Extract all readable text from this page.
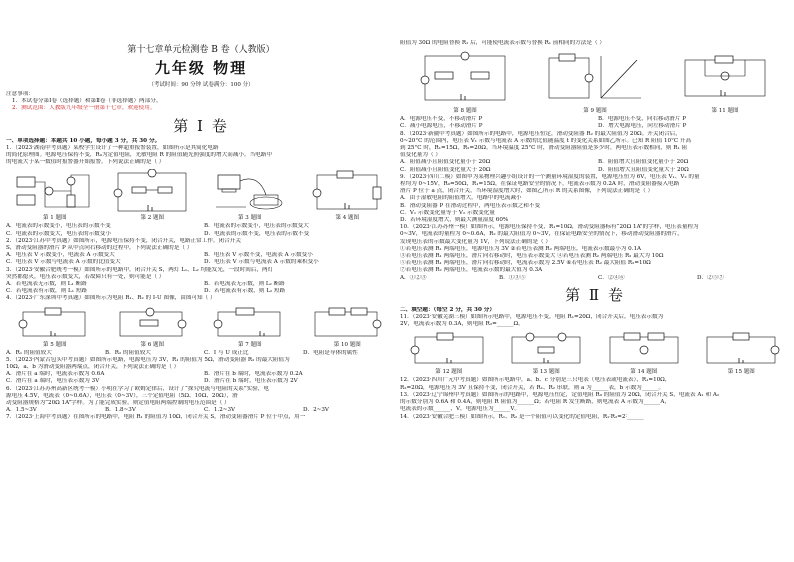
第十七章单元检测卷 B 卷（人教版）
九年级 物理
（考试时间：90 分钟 试卷满分：100 分）
注意事项：
1．本试卷分第Ⅰ卷（选择题）和第Ⅱ卷（非选择题）两部分。
2．测试范围：人教版九年级全一册第十七章。欢迎使用。
第 Ⅰ 卷
一、单项选择题：本题共 10 小题，每小题 3 分，共 30 分。
1．（2023·湖南中考真题）某校学生设计了一种超重报警装置，如图所示是其简化电路
的简化原理图。电源电压保持不变，R₀为定值电阻，光敏电阻 R 的阻值随光照强度的增大而减小。当电路中
的电流大于某一数值时报警器开始报警。下列说法正确的是（ ）
第 1 题图	第 2 题图	第 3 题图	第 4 题图
A．电流表的示数变小，电压表的示数不变	B．电流表的示数变小，电压表的示数变大
C．电流表的示数变大，电压表的示数变小	D．电流表的示数不变，电压表的示数不变
2．（2023·江苏中考真题）如图所示，电源电压保持不变，闭合开关，电路正常工作。闭合开关
S，滑动变阻器的滑片 P 从中点向右移动的过程中，下列说法正确的是（ ）
A．电压表 V 示数变小，电流表 A 示数变大	B．电压表 V 示数不变，电流表 A 示数变小
C．电压表 V 示数与电流表 A 示数的比值变大	D．电压表 V 示数与电流表 A 示数的乘积变小
3．（2023·安徽合肥统考一模）如图所示的电路中，闭合开关 S，两灯 L₁、L₂ 均能发光，一段时间后，两灯
突然都熄灭，电压表示数变大，若故障只有一处，则可能是（ ）
A．若电流表无示数，则 L₁ 断路	B．若电流表无示数，则 L₂ 断路
C．若电流表有示数，则 L₁ 短路	D．若电流表有示数，则 L₂ 短路
4．（2023·广东深圳中考真题）如图所示为电阻 R₁、R₂ 的 I-U 图像，由图可知（ ）
第 5 题图	第 6 题图	第 7 题图	第 10 题图
A．R₁ 的阻值较大	B．R₂ 的阻值较大	C．I 与 U 成正比	D．电阻是导体的属性
5．（2023·内蒙古包头中考真题）如图所示电路，电源电压为 3V，R₁ 的阻值为 5Ω，滑动变阻器 R₂ 的最大阻值为
10Ω，a、b 为滑动变阻器两端点，闭合开关，下列说法正确的是（ ）
A．滑片在 a 端时，电流表示数为 0.6A	B．滑片在 b 端时，电流表示数为 0.2A
C．滑片在 a 端时，电压表示数为 3V	D．滑片在 b 端时，电压表示数为 2V
6．（2023·江苏苏州高新区统考一模）小明在学习了欧姆定律后，设计了“探究电流与电阻的关系”实验，电
源电压 4.5V，电流表（0~0.6A），电压表（0~3V），三个定值电阻（5Ω、10Ω、20Ω），滑
动变阻器规格为“20Ω 1A”字样。为了能完成实验，则定值电阻两端控制的电压范围是（ ）
A．1.5~3V	B．1.8~3V	C．1.2~3V	D．2~3V
7．（2023·上海中考真题）在图所示的电路中，电阻 R₁ 的阻值为 10Ω，闭合开关 S，滑动变阻器滑片 P 位于中点，用一
阻值为 30Ω 的电阻替换 R₁ 后，可能使电流表示数与替换 R₁ 前相同的方法是（ ）
第 8 题图	第 9 题图	第 11 题图
A．电源电压不变，不移动滑片 P	B．电源电压不变，向右移动滑片 P
C．减小电源电压，不移动滑片 P	D．增大电源电压，向左移动滑片 P
8．（2023·新疆中考真题）如图所示的电路中，电源电压恒定，滑动变阻器 R₂ 的最大阻值为 20Ω。开关闭合后，
0~20°C 的范围内，电压表 V₁ 示数与电流表 A 示数的比值随温度 t 的变化关系如图乙所示。已知 R 阻值 10°C 升高
到 25°C 时，R₁=15Ω，R₂=20Ω。当环境温度 25°C 时，滑动变阻器阻值是多少时，两电压表示数相同，则 R₁ 阻
值变化量为（ ）
A．阻值减小且阻值变化量小于 20Ω	B．阻值增大且阻值变化量小于 20Ω
C．阻值减小且阻值变化量大于 20Ω	D．阻值增大且阻值变化量大于 20Ω
9．（2023·四川二模）如图甲为某物理兴趣小组设计的一个测量环境湿度的装置，电源电压恒为 6V，电压表 V₁、V₂ 的量
程均为 0~15V，R₀=50Ω，R₁=15Ω，在保证电路安全的情况下，电流表示数为 0.2A 时，滑动变阻器接入电路
滑片 P 位于 a 点，闭合开关，当环境湿度增大时，如图乙所示 R 的关系图像，下列说法正确的是（ ）
A．由于湿敏电阻的阻值增大，电路中的电流减小
B．滑动变阻器 P 在滑动过程中，两电压表示数之和不变
C．V₁ 示数变化量等于 V₂ 示数变化量
D．若环境湿度增大，则最大测量湿度 60%
10．（2023·江苏苏州一模）如图所示，电源电压保持不变，R₁=10Ω，滑动变阻器标有“20Ω 1A”的字样，电压表量程为
0~3V，电流表的量程为 0~0.6A，R₂ 的最大阻值为 0~3V，在保证电路安全的情况下，移动滑动变阻器的滑片，
发现电压表的示数最大变化量为 1V，下列说法正确的是（ ）
①若电压表测 R₁ 两端电压，电源电压为 3V ②若电压表测 R₂ 两端电压，电流表示数最小为 0.1A
③若电压表测 R₁ 两端电压，滑片向右移动时，电压表示数变大 ④若电压表测 R₂ 两端电压 R₂ 最大为 10Ω
⑤若电压表测 R₁ 两端电压，滑片向右移动时，电流表示数为 2.5V ⑥若电压表 R₂ 最大阻值 R₂=10Ω
⑦若电压表测 R₂ 两端电压，电流表示数的最大值为 0.3A
A．①②③	B．①③⑤	C．②④⑥	D．②⑤⑦
第 Ⅱ 卷
二、填空题：（每空 2 分，共 30 分）
11．（2023·安徽芜湖三模）如图所示电路中，电源电压不变，电阻 R₁=20Ω，闭合开关后，电压表示数为
2V，电流表示数为 0.3A，则电阻 R₂=______Ω。
第 12 题图	第 13 题图	第 14 题图	第 15 题图
12．（2023·四川广元中考真题）如图所示电路中，a、b、c 分别是三只电表（电压表或电流表），R₁=10Ω，
R₂=20Ω，电源电压为 3V 且保持不变，闭合开关，若 R₁、R₂ 串联，则 a 为______表，b 示数为______。
13．（2023·辽宁锦州中考真题）如图所示的电路中，电源电压恒定，定值电阻 R₀ 的阻值为 20Ω，闭合开关 S，电流表 A₁ 和 A₂
的示数分别为 0.6A 和 0.4A，则电阻 R 阻值为______Ω；若电阻 R 发生断路，则电流表 A 示数为______A，
电流表的示数______，V，电源电压为______V。
14．（2023·安徽合肥三模）如图所示，R₁、R₂ 是一个阻值可以变化的定值电阻，R₁∶R₂=2∶______
